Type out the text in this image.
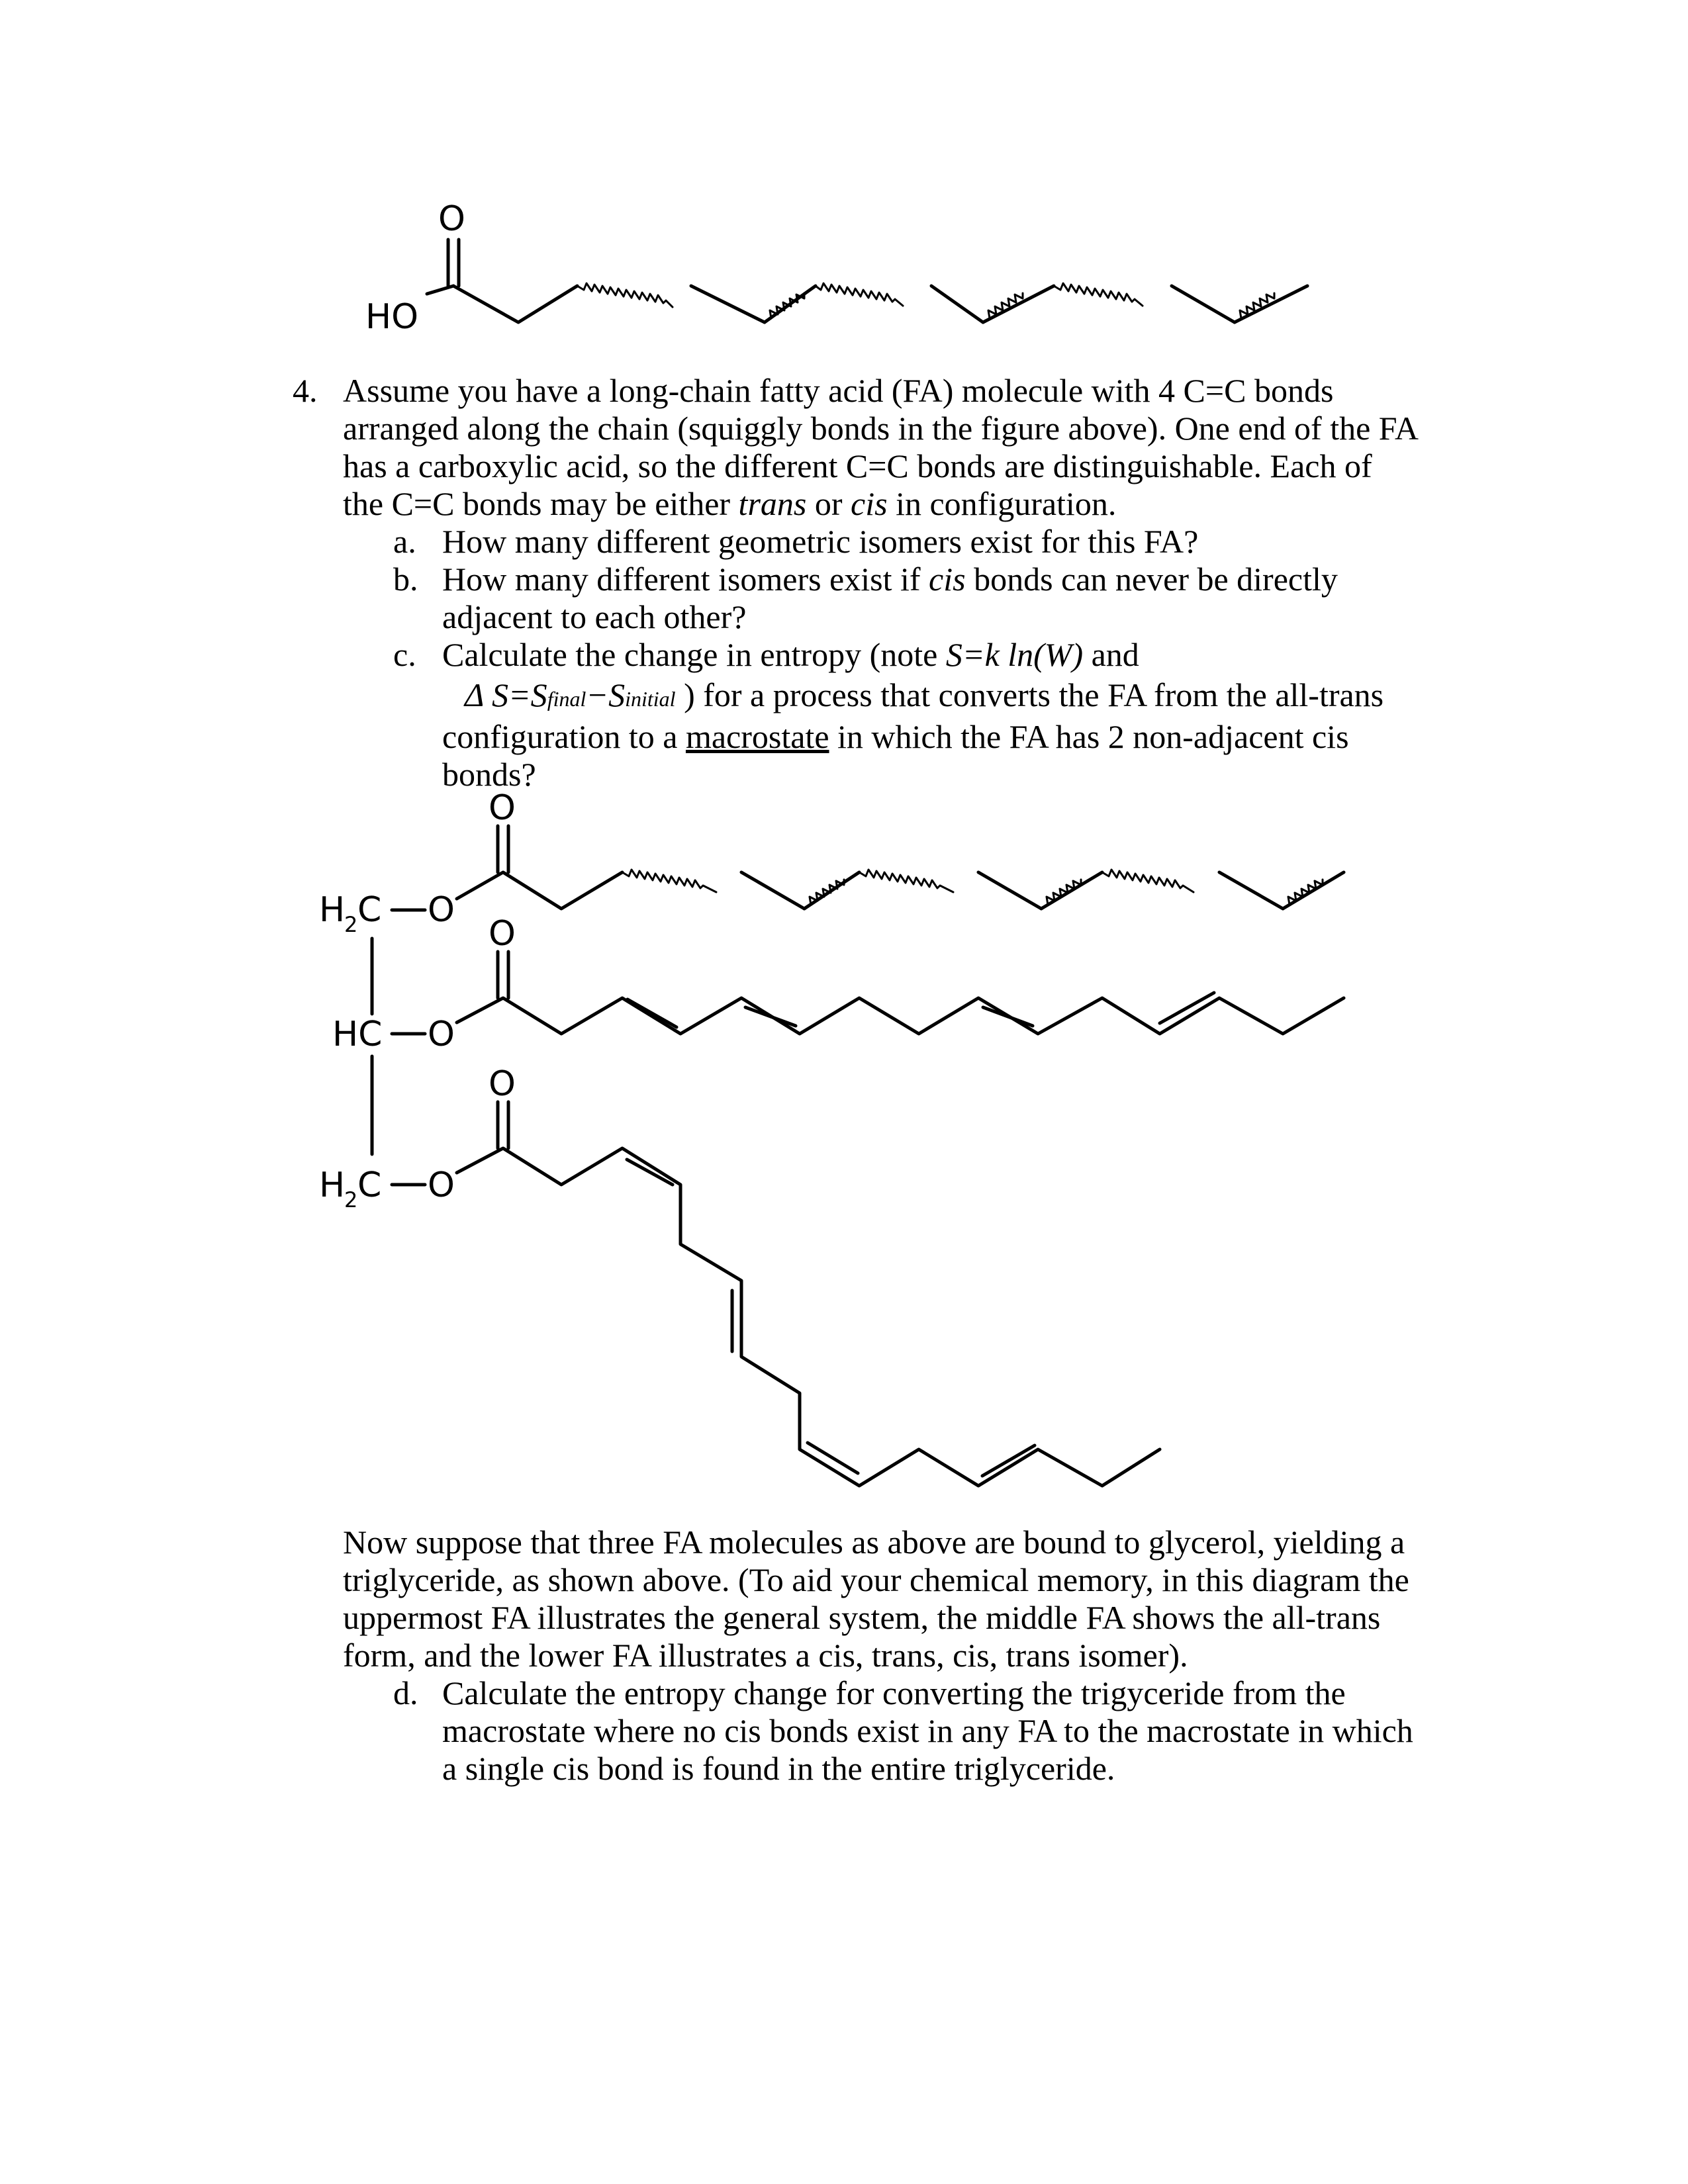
O
HO
O
O
O
O
O
O
H
2 C
HC
H
2 C
4. Assume you have a long-chain fatty acid (FA) molecule with 4 C=C bonds
arranged along the chain (squiggly bonds in the figure above). One end of the FA
has a carboxylic acid, so the different C=C bonds are distinguishable. Each of
the C=C bonds may be either trans or cis in configuration.
a. How many different geometric isomers exist for this FA?
b. How many different isomers exist if cis bonds can never be directly
adjacent to each other?
c. Calculate the change in entropy (note S=k ln(W) and
Δ S=Sfinal−Sinitial ) for a process that converts the FA from the all-trans
configuration to a macrostate in which the FA has 2 non-adjacent cis
bonds?
Now suppose that three FA molecules as above are bound to glycerol, yielding a
triglyceride, as shown above. (To aid your chemical memory, in this diagram the
uppermost FA illustrates the general system, the middle FA shows the all-trans
form, and the lower FA illustrates a cis, trans, cis, trans isomer).
d. Calculate the entropy change for converting the trigyceride from the
macrostate where no cis bonds exist in any FA to the macrostate in which
a single cis bond is found in the entire triglyceride.
